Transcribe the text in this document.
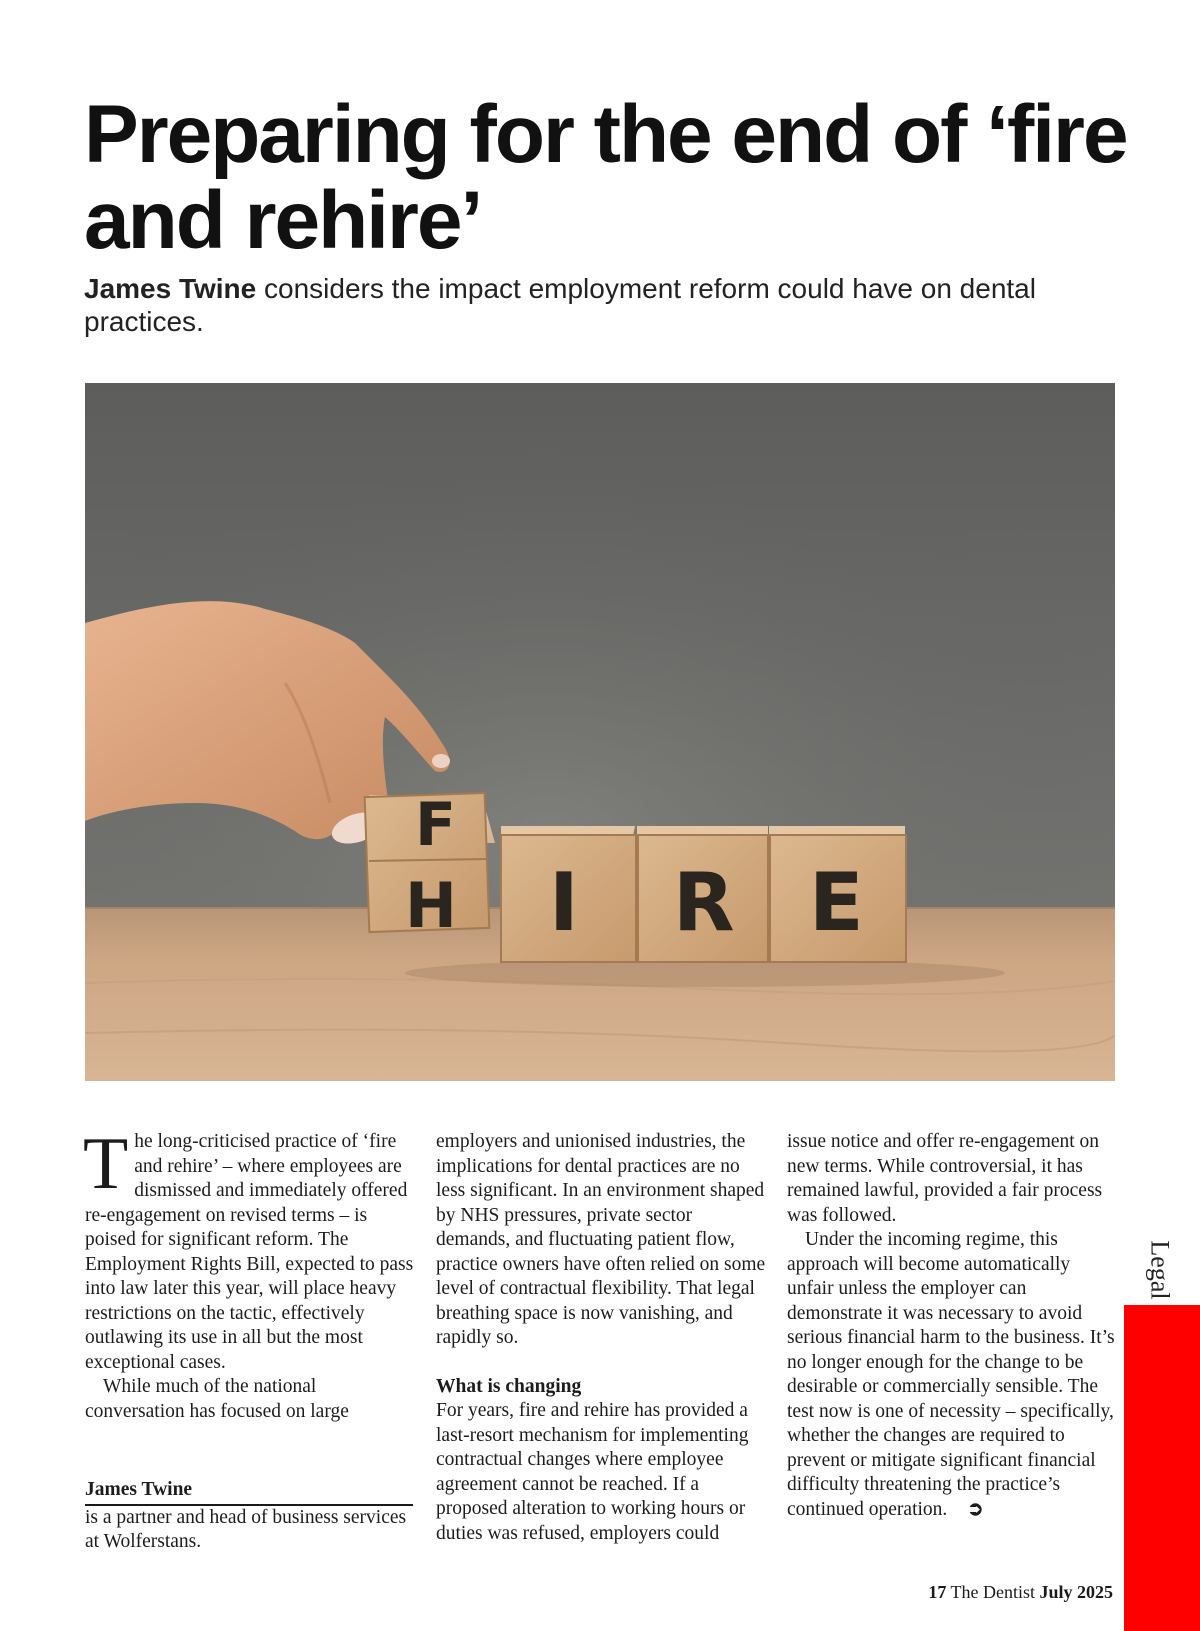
Preparing for the end of ‘fire and rehire’

James Twine considers the impact employment reform could have on dental practices.

F
H I R E

The long-criticised practice of ‘fire and rehire’ – where employees are dismissed and immediately offered re-engagement on revised terms – is poised for significant reform. The Employment Rights Bill, expected to pass into law later this year, will place heavy restrictions on the tactic, effectively outlawing its use in all but the most exceptional cases.

While much of the national conversation has focused on large

employers and unionised industries, the implications for dental practices are no less significant. In an environment shaped by NHS pressures, private sector demands, and fluctuating patient flow, practice owners have often relied on some level of contractual flexibility. That legal breathing space is now vanishing, and rapidly so.

What is changing

For years, fire and rehire has provided a last-resort mechanism for implementing contractual changes where employee agreement cannot be reached. If a proposed alteration to working hours or duties was refused, employers could

issue notice and offer re-engagement on new terms. While controversial, it has remained lawful, provided a fair process was followed.

Under the incoming regime, this approach will become automatically unfair unless the employer can demonstrate it was necessary to avoid serious financial harm to the business. It’s no longer enough for the change to be desirable or commercially sensible. The test now is one of necessity – specifically, whether the changes are required to prevent or mitigate significant financial difficulty threatening the practice’s continued operation. ➲

James Twine
is a partner and head of business services at Wolferstans.
Legal
17 The Dentist July 2025
